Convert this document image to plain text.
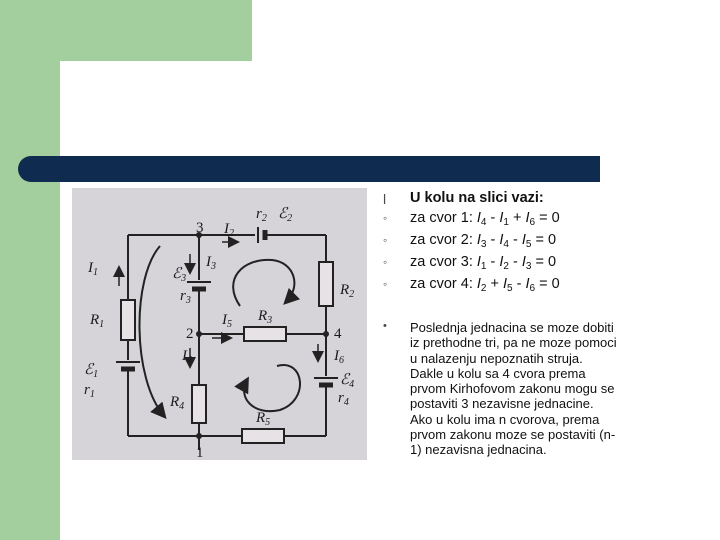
3
2	4
1
$I_1$
$I_2$
$I_3$
$I_4$
$I_5$
$I_6$
$R_1$
$R_2$
$R_3$
$R_4$
$R_5$
ℰ$_1$
$r_1$
ℰ$_2$
$r_2$
ℰ$_3$
$r_3$
ℰ$_4$
$r_4$
l U kolu na slici vazi:
◦ za cvor 1: $I_4 - I_1 + I_6 = 0$
◦ za cvor 2: $I_3 - I_4 - I_5 = 0$
◦ za cvor 3: $I_1 - I_2 - I_3 = 0$
◦ za cvor 4: $I_2 + I_5 - I_6 = 0$
• Poslednja jednacina se moze dobiti
iz prethodne tri, pa ne moze pomoci
u nalazenju nepoznatih struja.
Dakle u kolu sa 4 cvora prema
prvom Kirhofovom zakonu mogu se
postaviti 3 nezavisne jednacine.
Ako u kolu ima n cvorova, prema
prvom zakonu moze se postaviti (n-
1) nezavisna jednacina.
